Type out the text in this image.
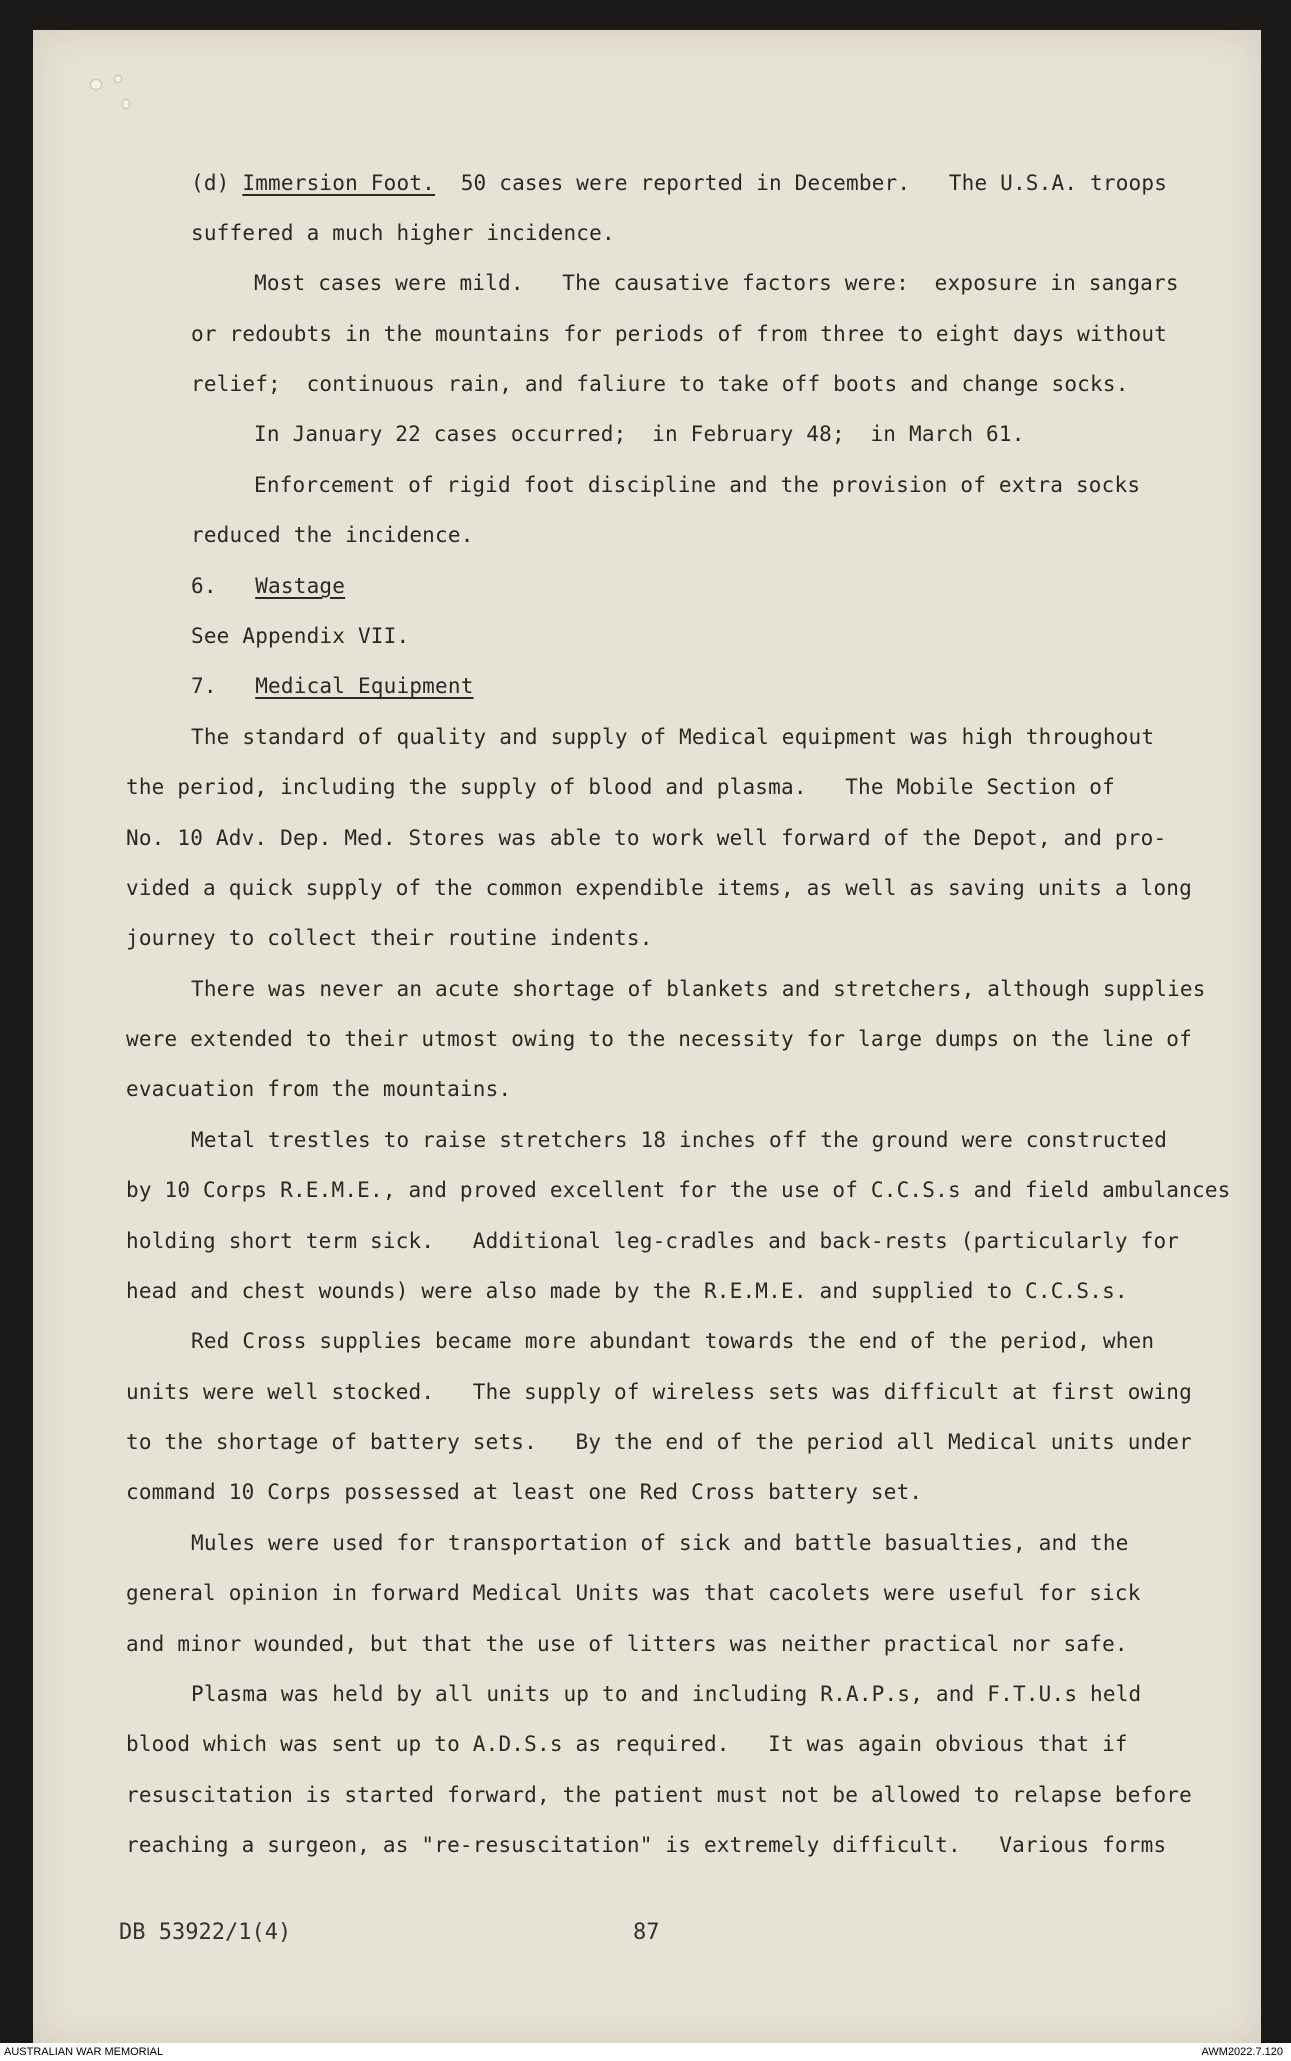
(d) Immersion Foot.  50 cases were reported in December.   The U.S.A. troops
suffered a much higher incidence.
Most cases were mild.   The causative factors were:  exposure in sangars
or redoubts in the mountains for periods of from three to eight days without
relief;  continuous rain, and faliure to take off boots and change socks.
In January 22 cases occurred;  in February 48;  in March 61.
Enforcement of rigid foot discipline and the provision of extra socks
reduced the incidence.
6. Wastage
See Appendix VII.
7. Medical Equipment
The standard of quality and supply of Medical equipment was high throughout
the period, including the supply of blood and plasma.   The Mobile Section of
No. 10 Adv. Dep. Med. Stores was able to work well forward of the Depot, and pro-
vided a quick supply of the common expendible items, as well as saving units a long
journey to collect their routine indents.
There was never an acute shortage of blankets and stretchers, although supplies
were extended to their utmost owing to the necessity for large dumps on the line of
evacuation from the mountains.
Metal trestles to raise stretchers 18 inches off the ground were constructed
by 10 Corps R.E.M.E., and proved excellent for the use of C.C.S.s and field ambulances
holding short term sick.   Additional leg-cradles and back-rests (particularly for
head and chest wounds) were also made by the R.E.M.E. and supplied to C.C.S.s.
Red Cross supplies became more abundant towards the end of the period, when
units were well stocked.   The supply of wireless sets was difficult at first owing
to the shortage of battery sets.   By the end of the period all Medical units under
command 10 Corps possessed at least one Red Cross battery set.
Mules were used for transportation of sick and battle basualties, and the
general opinion in forward Medical Units was that cacolets were useful for sick
and minor wounded, but that the use of litters was neither practical nor safe.
Plasma was held by all units up to and including R.A.P.s, and F.T.U.s held
blood which was sent up to A.D.S.s as required.   It was again obvious that if
resuscitation is started forward, the patient must not be allowed to relapse before
reaching a surgeon, as "re-resuscitation" is extremely difficult.   Various forms
DB 53922/1(4)	87
AUSTRALIAN WAR MEMORIAL	AWM2022.7.120
